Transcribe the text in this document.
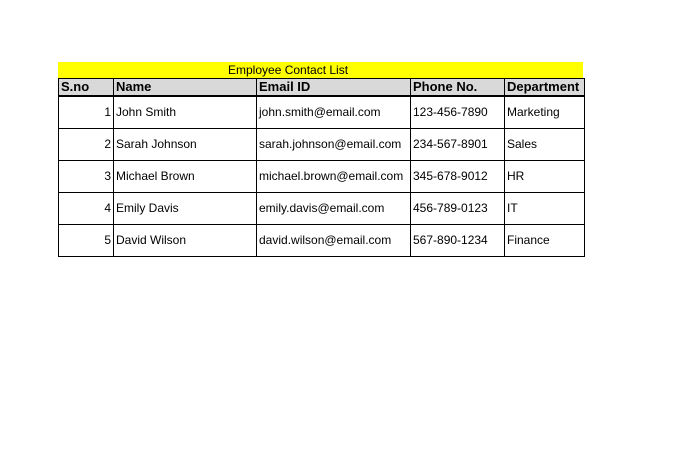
Employee Contact List
S.no	Name	Email ID	Phone No.	Department
1	John Smith	john.smith@email.com	123-456-7890	Marketing
2	Sarah Johnson	sarah.johnson@email.com	234-567-8901	Sales
3	Michael Brown	michael.brown@email.com	345-678-9012	HR
4	Emily Davis	emily.davis@email.com	456-789-0123	IT
5	David Wilson	david.wilson@email.com	567-890-1234	Finance
